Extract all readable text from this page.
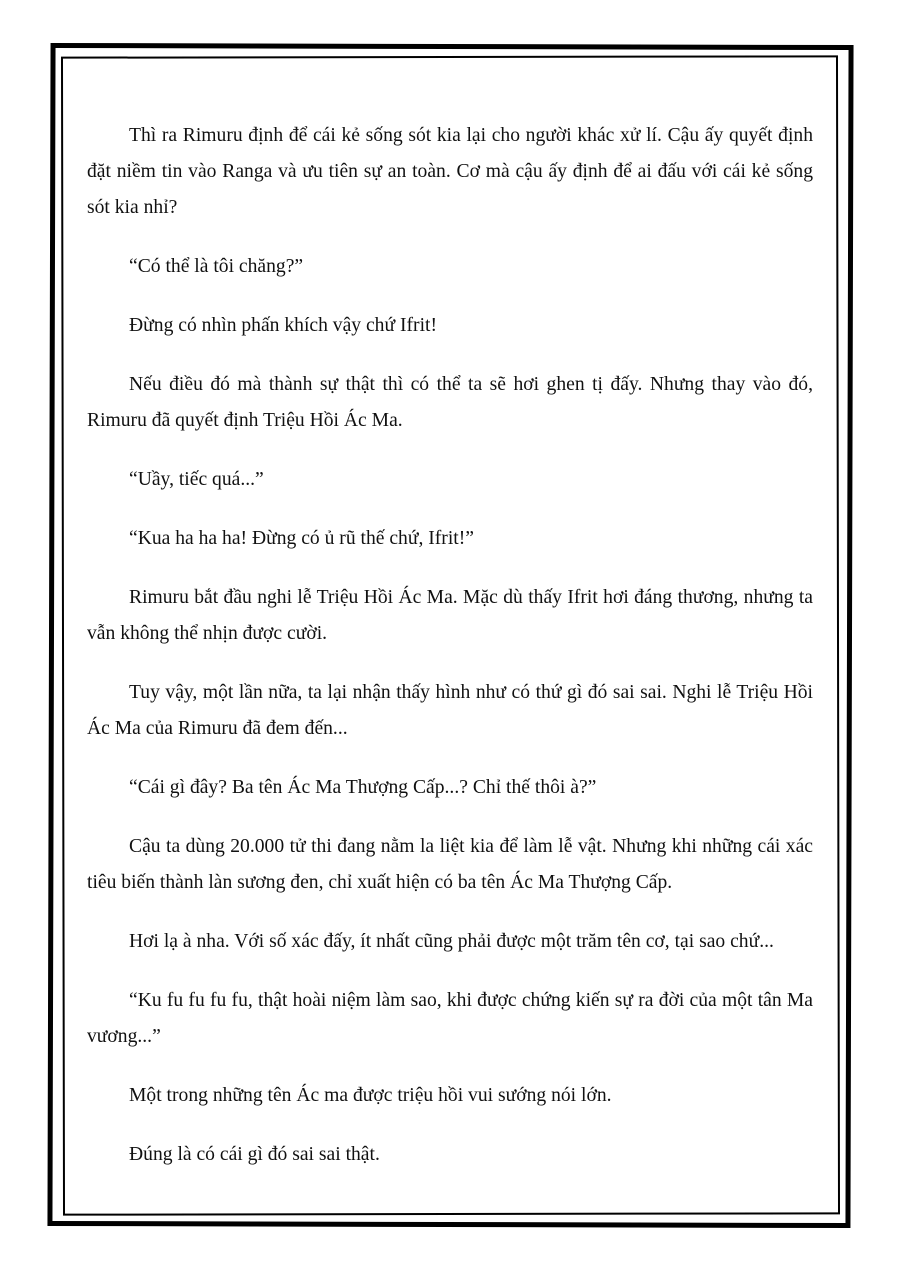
Thì ra Rimuru định để cái kẻ sống sót kia lại cho người khác xử lí. Cậu ấy quyết định đặt niềm tin vào Ranga và ưu tiên sự an toàn. Cơ mà cậu ấy định để ai đấu với cái kẻ sống sót kia nhỉ?

“Có thể là tôi chăng?”

Đừng có nhìn phấn khích vậy chứ Ifrit!

Nếu điều đó mà thành sự thật thì có thể ta sẽ hơi ghen tị đấy. Nhưng thay vào đó, Rimuru đã quyết định Triệu Hồi Ác Ma.

“Uầy, tiếc quá...”

“Kua ha ha ha! Đừng có ủ rũ thế chứ, Ifrit!”

Rimuru bắt đầu nghi lễ Triệu Hồi Ác Ma. Mặc dù thấy Ifrit hơi đáng thương, nhưng ta vẫn không thể nhịn được cười.

Tuy vậy, một lần nữa, ta lại nhận thấy hình như có thứ gì đó sai sai. Nghi lễ Triệu Hồi Ác Ma của Rimuru đã đem đến...

“Cái gì đây? Ba tên Ác Ma Thượng Cấp...? Chỉ thế thôi à?”

Cậu ta dùng 20.000 tử thi đang nằm la liệt kia để làm lễ vật. Nhưng khi những cái xác tiêu biến thành làn sương đen, chỉ xuất hiện có ba tên Ác Ma Thượng Cấp.

Hơi lạ à nha. Với số xác đấy, ít nhất cũng phải được một trăm tên cơ, tại sao chứ...

“Ku fu fu fu fu, thật hoài niệm làm sao, khi được chứng kiến sự ra đời của một tân Ma vương...”

Một trong những tên Ác ma được triệu hồi vui sướng nói lớn.

Đúng là có cái gì đó sai sai thật.
